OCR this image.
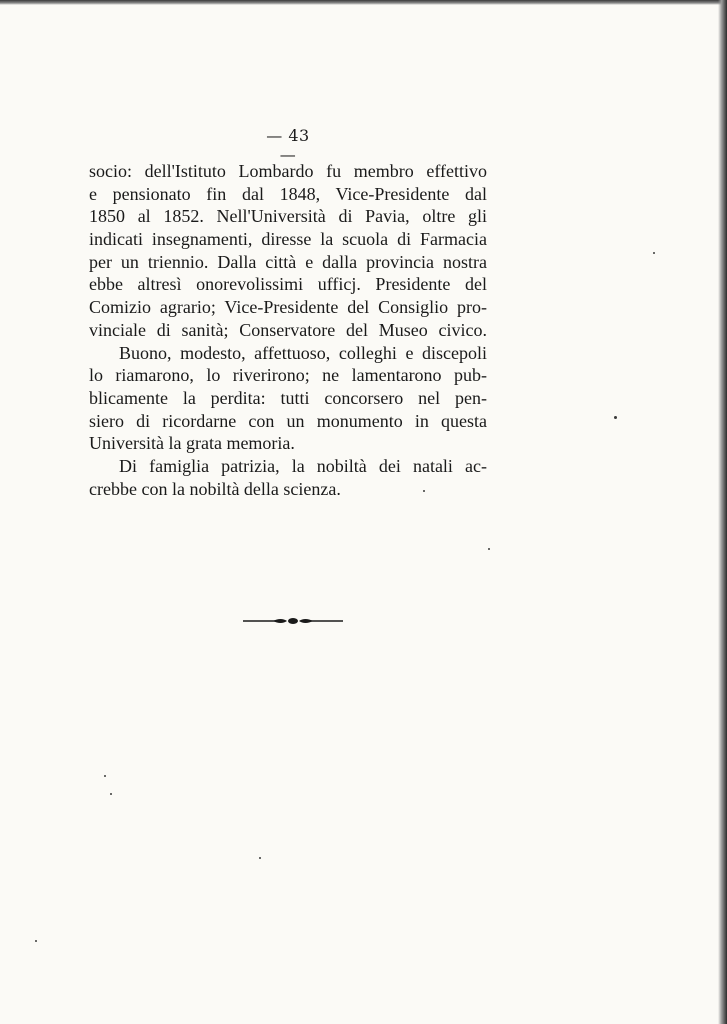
— 43 —
socio: dell'Istituto Lombardo fu membro effettivo
e pensionato fin dal 1848, Vice-Presidente dal
1850 al 1852. Nell'Università di Pavia, oltre gli
indicati insegnamenti, diresse la scuola di Farmacia
per un triennio. Dalla città e dalla provincia nostra
ebbe altresì onorevolissimi ufficj. Presidente del
Comizio agrario; Vice-Presidente del Consiglio pro-
vinciale di sanità; Conservatore del Museo civico.
Buono, modesto, affettuoso, colleghi e discepoli
lo riamarono, lo riverirono; ne lamentarono pub-
blicamente la perdita: tutti concorsero nel pen-
siero di ricordarne con un monumento in questa
Università la grata memoria.
Di famiglia patrizia, la nobiltà dei natali ac-
crebbe con la nobiltà della scienza.
